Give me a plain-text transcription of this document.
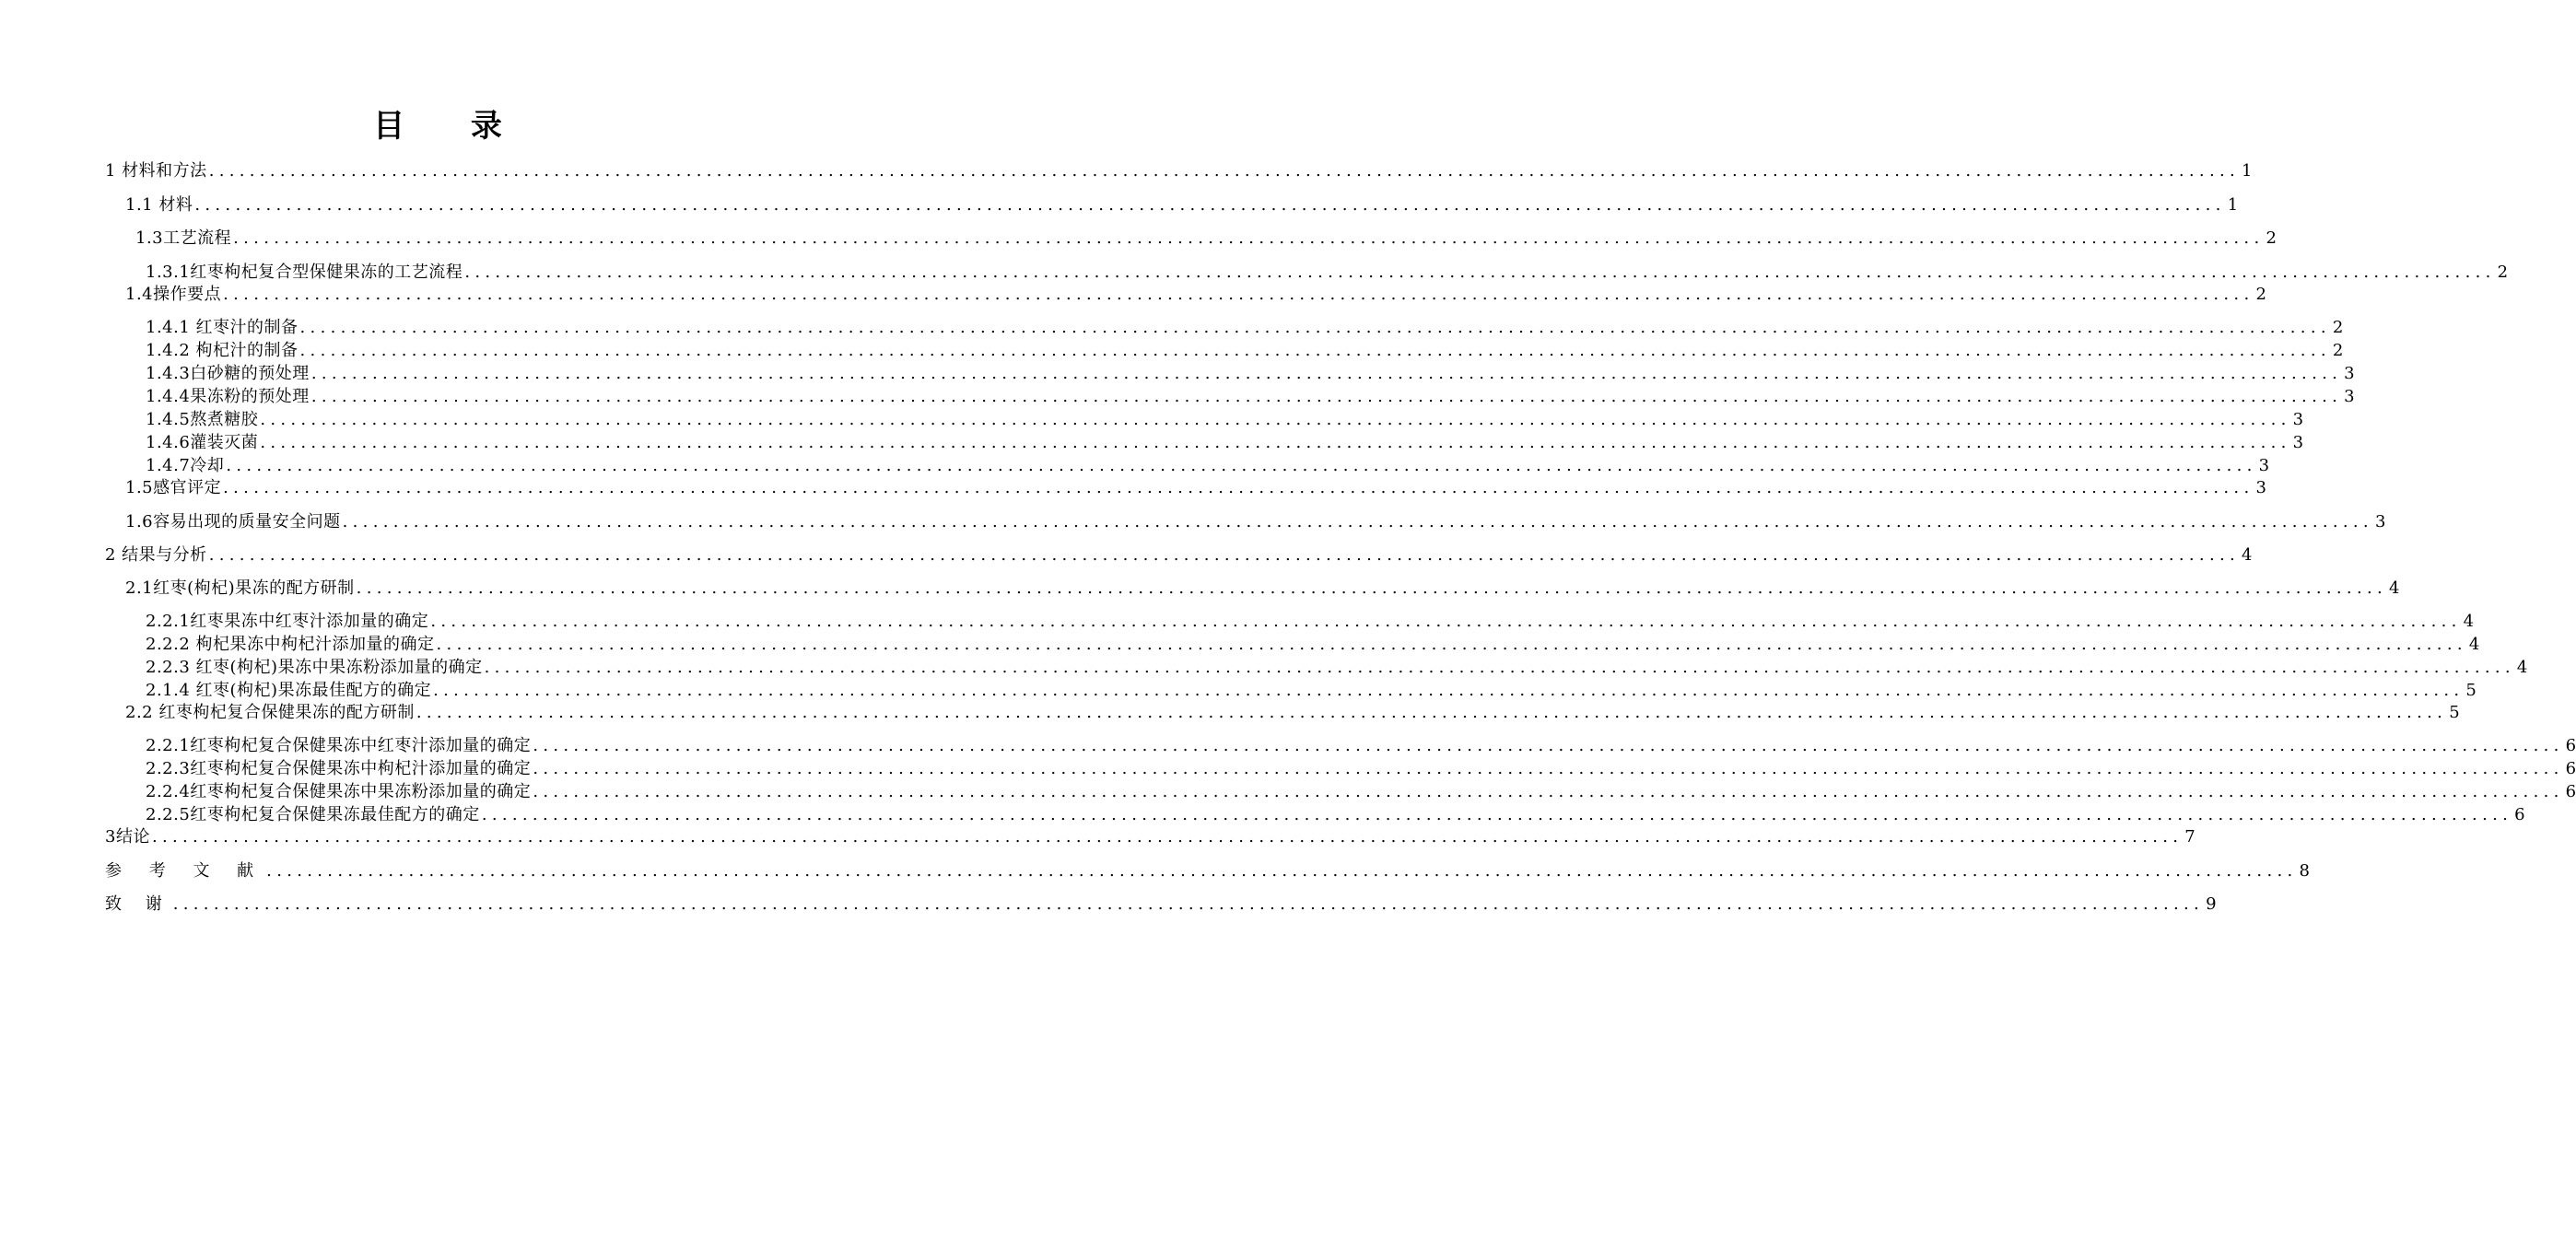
目 录
1 材料和方法 ........................................................................................................................................................................................................ 1
1.1 材料 ........................................................................................................................................................................................................ 1
1.3工艺流程 ........................................................................................................................................................................................................ 2
1.3.1红枣枸杞复合型保健果冻的工艺流程 ........................................................................................................................................................................................................ 2
1.4操作要点 ........................................................................................................................................................................................................ 2
1.4.1 红枣汁的制备 ........................................................................................................................................................................................................ 2
1.4.2 枸杞汁的制备 ........................................................................................................................................................................................................ 2
1.4.3白砂糖的预处理 ........................................................................................................................................................................................................ 3
1.4.4果冻粉的预处理 ........................................................................................................................................................................................................ 3
1.4.5熬煮糖胶 ........................................................................................................................................................................................................ 3
1.4.6灌装灭菌 ........................................................................................................................................................................................................ 3
1.4.7冷却 ........................................................................................................................................................................................................ 3
1.5感官评定 ........................................................................................................................................................................................................ 3
1.6容易出现的质量安全问题 ........................................................................................................................................................................................................ 3
2 结果与分析 ........................................................................................................................................................................................................ 4
2.1红枣(枸杞)果冻的配方研制 ........................................................................................................................................................................................................ 4
2.2.1红枣果冻中红枣汁添加量的确定 ........................................................................................................................................................................................................ 4
2.2.2 枸杞果冻中枸杞汁添加量的确定 ........................................................................................................................................................................................................ 4
2.2.3 红枣(枸杞)果冻中果冻粉添加量的确定 ........................................................................................................................................................................................................ 4
2.1.4 红枣(枸杞)果冻最佳配方的确定 ........................................................................................................................................................................................................ 5
2.2 红枣枸杞复合保健果冻的配方研制 ........................................................................................................................................................................................................ 5
2.2.1红枣枸杞复合保健果冻中红枣汁添加量的确定 ........................................................................................................................................................................................................ 6
2.2.3红枣枸杞复合保健果冻中枸杞汁添加量的确定 ........................................................................................................................................................................................................ 6
2.2.4红枣枸杞复合保健果冻中果冻粉添加量的确定 ........................................................................................................................................................................................................ 6
2.2.5红枣枸杞复合保健果冻最佳配方的确定 ........................................................................................................................................................................................................ 6
3结论 ........................................................................................................................................................................................................ 7
参 考 文 献 ........................................................................................................................................................................................................ 8
致 谢 ........................................................................................................................................................................................................ 9
